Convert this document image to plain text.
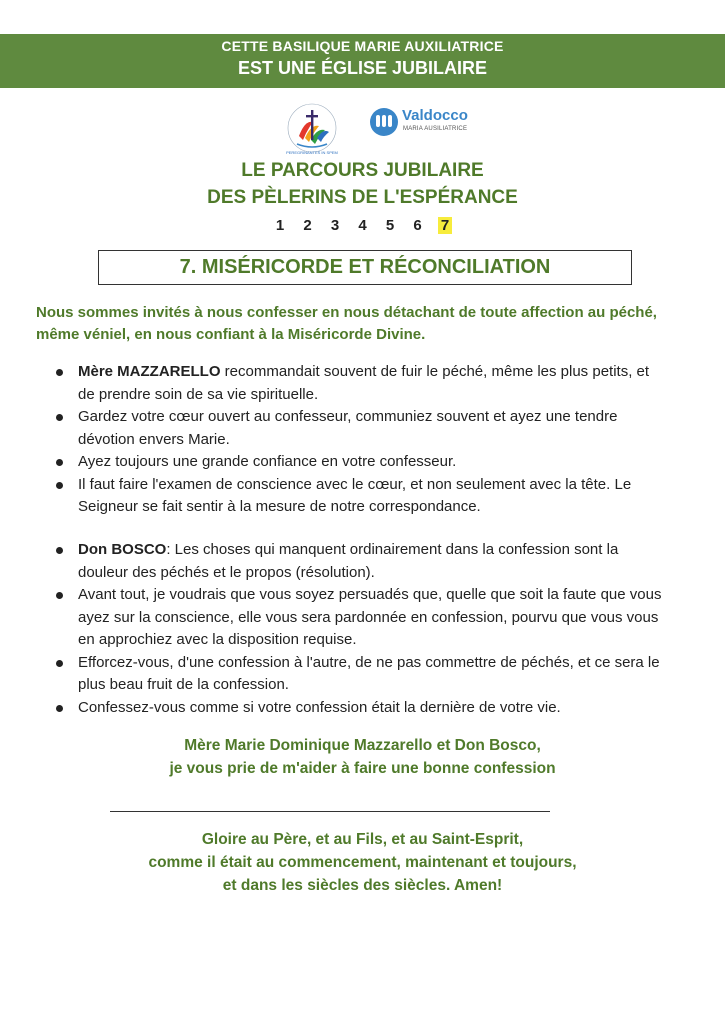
CETTE BASILIQUE MARIE AUXILIATRICE
EST UNE ÉGLISE JUBILAIRE
PEREGRINANTES IN SPEM
Valdocco
MARIA AUSILIATRICE
LE PARCOURS JUBILAIRE
DES PÈLERINS DE L'ESPÉRANCE
1 2 3 4 5 6 7
7. MISÉRICORDE ET RÉCONCILIATION
Nous sommes invités à nous confesser en nous détachant de toute affection au péché, même véniel, en nous confiant à la Miséricorde Divine.
Mère MAZZARELLO recommandait souvent de fuir le péché, même les plus petits, et de prendre soin de sa vie spirituelle.
Gardez votre cœur ouvert au confesseur, communiez souvent et ayez une tendre dévotion envers Marie.
Ayez toujours une grande confiance en votre confesseur.
Il faut faire l'examen de conscience avec le cœur, et non seulement avec la tête. Le Seigneur se fait sentir à la mesure de notre correspondance.
Don BOSCO: Les choses qui manquent ordinairement dans la confession sont la douleur des péchés et le propos (résolution).
Avant tout, je voudrais que vous soyez persuadés que, quelle que soit la faute que vous ayez sur la conscience, elle vous sera pardonnée en confession, pourvu que vous vous en approchiez avec la disposition requise.
Efforcez-vous, d'une confession à l'autre, de ne pas commettre de péchés, et ce sera le plus beau fruit de la confession.
Confessez-vous comme si votre confession était la dernière de votre vie.
Mère Marie Dominique Mazzarello et Don Bosco,
je vous prie de m'aider à faire une bonne confession
Gloire au Père, et au Fils, et au Saint-Esprit,
comme il était au commencement, maintenant et toujours,
et dans les siècles des siècles. Amen!
